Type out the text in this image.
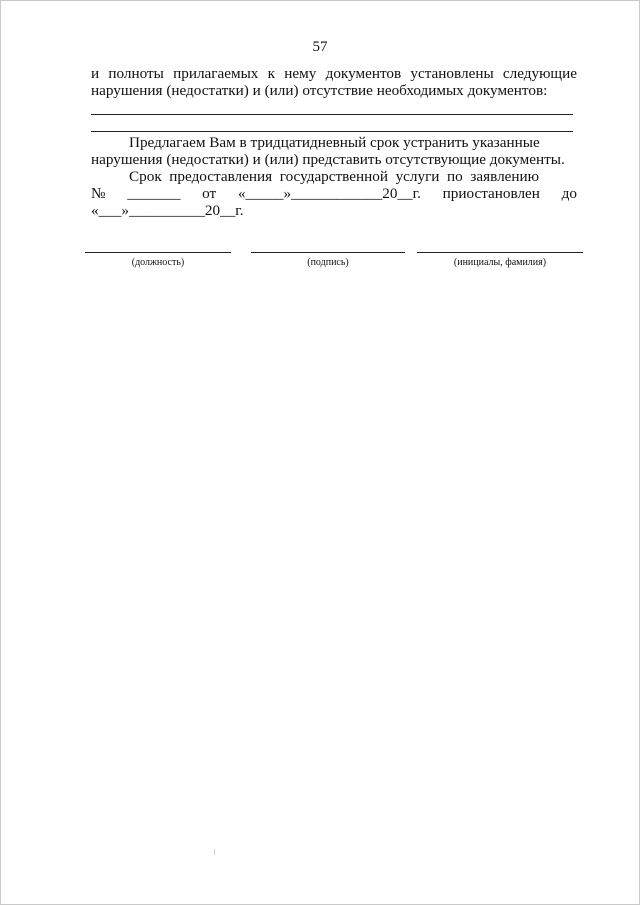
57
и полноты прилагаемых к нему документов установлены следующие
нарушения (недостатки) и (или) отсутствие необходимых документов:
Предлагаем Вам в тридцатидневный срок устранить указанные
нарушения (недостатки) и (или) представить отсутствующие документы.
Срок предоставления государственной услуги по заявлению
№ _______ от «_____»____________20__г. приостановлен до
«___»__________20__г.
(должность)	(подпись)	(инициалы, фамилия)
